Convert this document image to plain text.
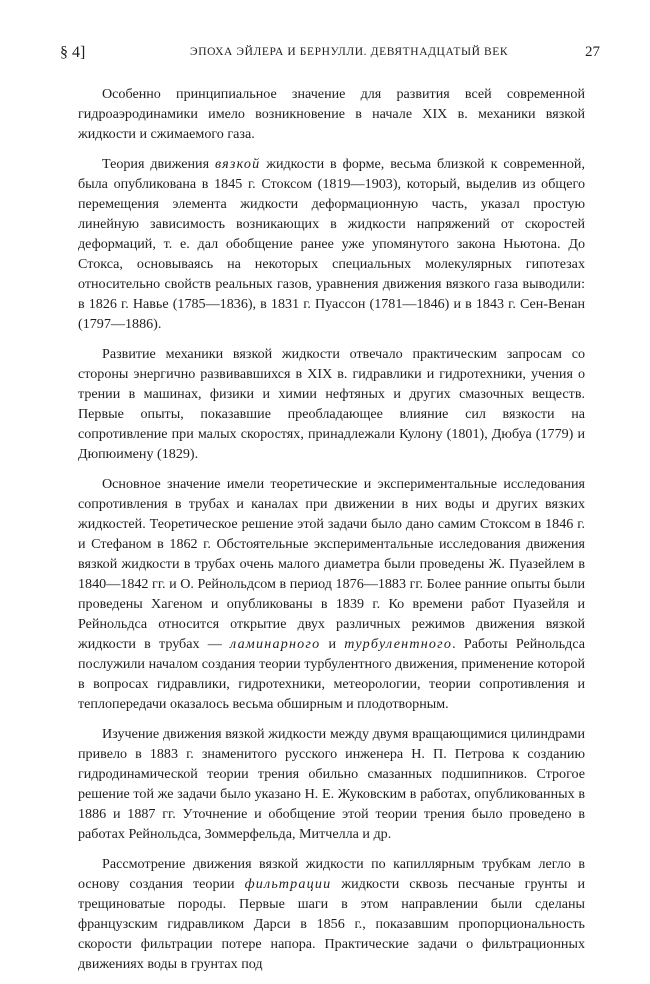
§ 4]	ЭПОХА ЭЙЛЕРА И БЕРНУЛЛИ. ДЕВЯТНАДЦАТЫЙ ВЕК	27

Особенно принципиальное значение для развития всей современной гидроаэродинамики имело возникновение в начале XIX в. механики вязкой жидкости и сжимаемого газа.

Теория движения вязкой жидкости в форме, весьма близкой к современной, была опубликована в 1845 г. Стоксом (1819—1903), который, выделив из общего перемещения элемента жидкости деформационную часть, указал простую линейную зависимость возникающих в жидкости напряжений от скоростей деформаций, т. е. дал обобщение ранее уже упомянутого закона Ньютона. До Стокса, основываясь на некоторых специальных молекулярных гипотезах относительно свойств реальных газов, уравнения движения вязкого газа выводили: в 1826 г. Навье (1785—1836), в 1831 г. Пуассон (1781—1846) и в 1843 г. Сен-Венан (1797—1886).

Развитие механики вязкой жидкости отвечало практическим запросам со стороны энергично развивавшихся в XIX в. гидравлики и гидротехники, учения о трении в машинах, физики и химии нефтяных и других смазочных веществ. Первые опыты, показавшие преобладающее влияние сил вязкости на сопротивление при малых скоростях, принадлежали Кулону (1801), Дюбуа (1779) и Дюпюимену (1829).

Основное значение имели теоретические и экспериментальные исследования сопротивления в трубах и каналах при движении в них воды и других вязких жидкостей. Теоретическое решение этой задачи было дано самим Стоксом в 1846 г. и Стефаном в 1862 г. Обстоятельные экспериментальные исследования движения вязкой жидкости в трубах очень малого диаметра были проведены Ж. Пуазейлем в 1840—1842 гг. и О. Рейнольдсом в период 1876—1883 гг. Более ранние опыты были проведены Хагеном и опубликованы в 1839 г. Ко времени работ Пуазейля и Рейнольдса относится открытие двух различных режимов движения вязкой жидкости в трубах — ламинарного и турбулентного. Работы Рейнольдса послужили началом создания теории турбулентного движения, применение которой в вопросах гидравлики, гидротехники, метеорологии, теории сопротивления и теплопередачи оказалось весьма обширным и плодотворным.

Изучение движения вязкой жидкости между двумя вращающимися цилиндрами привело в 1883 г. знаменитого русского инженера Н. П. Петрова к созданию гидродинамической теории трения обильно смазанных подшипников. Строгое решение той же задачи было указано Н. Е. Жуковским в работах, опубликованных в 1886 и 1887 гг. Уточнение и обобщение этой теории трения было проведено в работах Рейнольдса, Зоммерфельда, Митчелла и др.

Рассмотрение движения вязкой жидкости по капиллярным трубкам легло в основу создания теории фильтрации жидкости сквозь песчаные грунты и трещиноватые породы. Первые шаги в этом направлении были сделаны французским гидравликом Дарси в 1856 г., показавшим пропорциональность скорости фильтрации потере напора. Практические задачи о фильтрационных движениях воды в грунтах под
